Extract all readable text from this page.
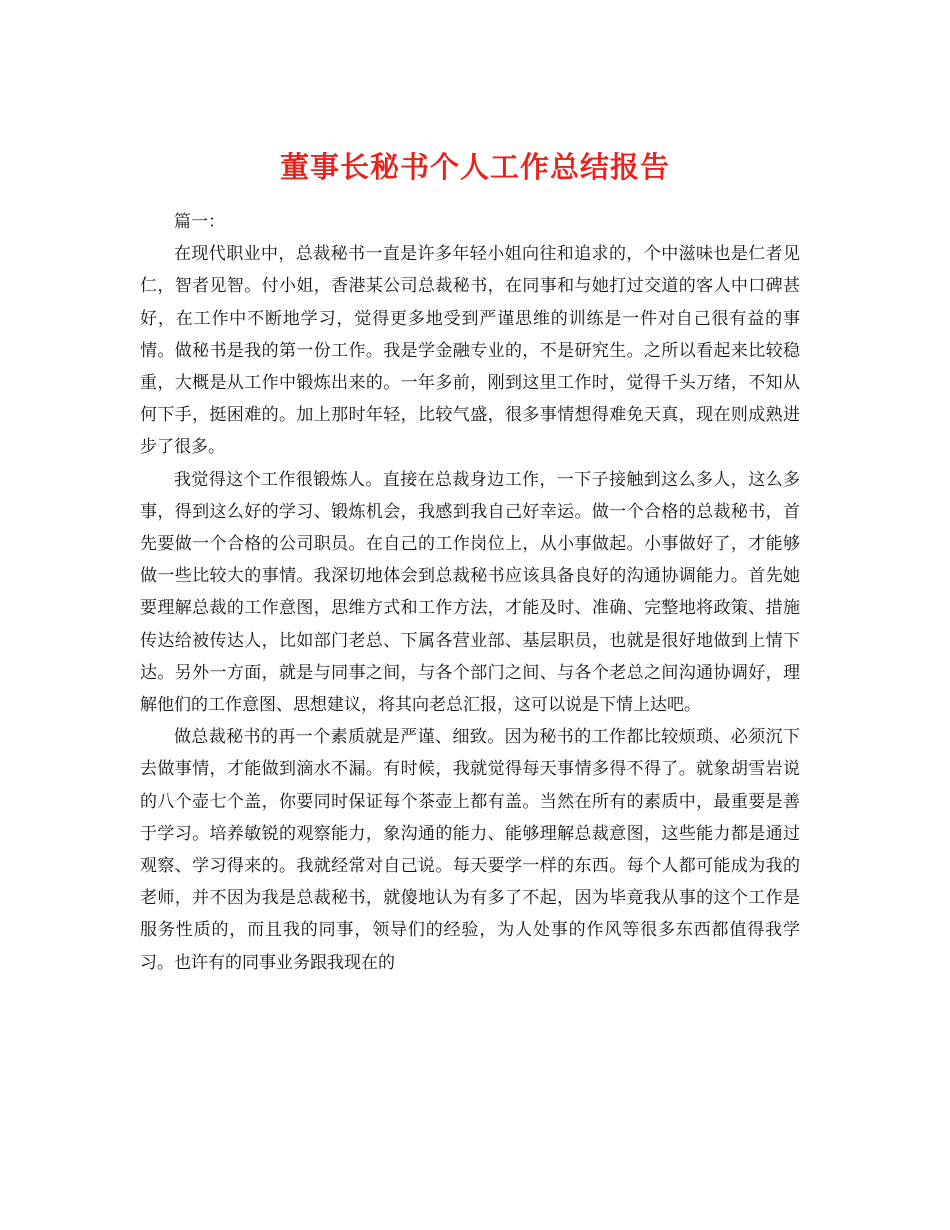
董事长秘书个人工作总结报告

篇一：

在现代职业中，总裁秘书一直是许多年轻小姐向往和追求的，个中滋味也是仁者见仁，智者见智。付小姐，香港某公司总裁秘书，在同事和与她打过交道的客人中口碑甚好，在工作中不断地学习，觉得更多地受到严谨思维的训练是一件对自己很有益的事情。做秘书是我的第一份工作。我是学金融专业的，不是研究生。之所以看起来比较稳重，大概是从工作中锻炼出来的。一年多前，刚到这里工作时，觉得千头万绪，不知从何下手，挺困难的。加上那时年轻，比较气盛，很多事情想得难免天真，现在则成熟进步了很多。

我觉得这个工作很锻炼人。直接在总裁身边工作，一下子接触到这么多人，这么多事，得到这么好的学习、锻炼机会，我感到我自己好幸运。做一个合格的总裁秘书，首先要做一个合格的公司职员。在自己的工作岗位上，从小事做起。小事做好了，才能够做一些比较大的事情。我深切地体会到总裁秘书应该具备良好的沟通协调能力。首先她要理解总裁的工作意图，思维方式和工作方法，才能及时、准确、完整地将政策、措施传达给被传达人，比如部门老总、下属各营业部、基层职员，也就是很好地做到上情下达。另外一方面，就是与同事之间，与各个部门之间、与各个老总之间沟通协调好，理解他们的工作意图、思想建议，将其向老总汇报，这可以说是下情上达吧。

做总裁秘书的再一个素质就是严谨、细致。因为秘书的工作都比较烦琐、必须沉下去做事情，才能做到滴水不漏。有时候，我就觉得每天事情多得不得了。就象胡雪岩说的八个壶七个盖，你要同时保证每个茶壶上都有盖。当然在所有的素质中，最重要是善于学习。培养敏锐的观察能力，象沟通的能力、能够理解总裁意图，这些能力都是通过观察、学习得来的。我就经常对自己说。每天要学一样的东西。每个人都可能成为我的老师，并不因为我是总裁秘书，就傻地认为有多了不起，因为毕竟我从事的这个工作是服务性质的，而且我的同事，领导们的经验，为人处事的作风等很多东西都值得我学习。也许有的同事业务跟我现在的
